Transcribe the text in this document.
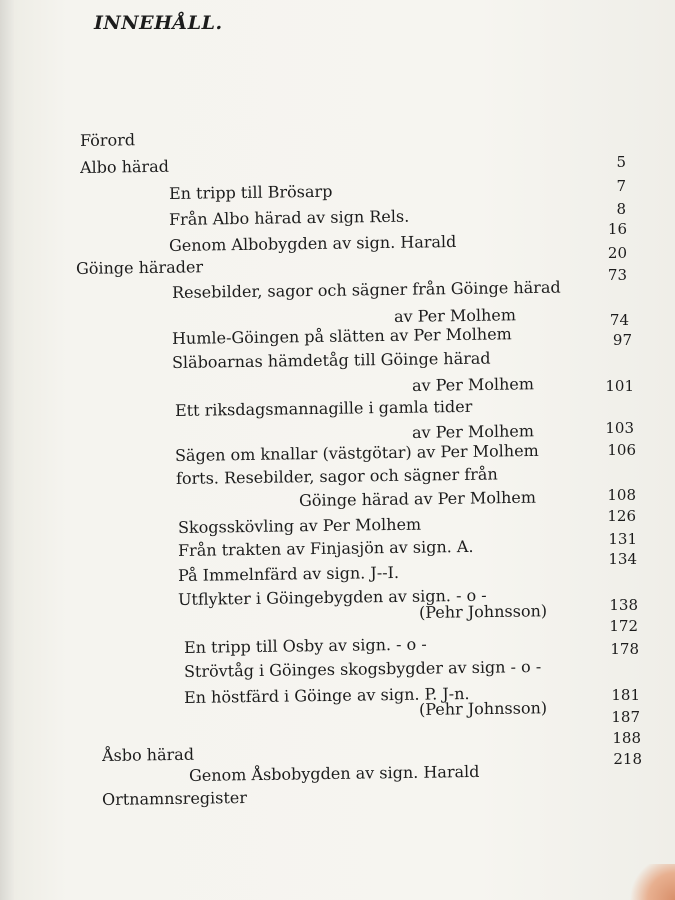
INNEHÅLL.
Förord
Albo härad
En tripp till Brösarp
Från Albo härad av sign Rels.
Genom Albobygden av sign. Harald
Göinge härader
Resebilder, sagor och sägner från Göinge härad
av Per Molhem
Humle-Göingen på slätten av Per Molhem
Släboarnas hämdetåg till Göinge härad
av Per Molhem
Ett riksdagsmannagille i gamla tider
av Per Molhem
Sägen om knallar (västgötar) av Per Molhem
forts. Resebilder, sagor och sägner från
Göinge härad av Per Molhem
Skogsskövling av Per Molhem
Från trakten av Finjasjön av sign. A.
På Immelnfärd av sign. J--I.
Utflykter i Göingebygden av sign. - o -
(Pehr Johnsson)
En tripp till Osby av sign. - o -
Strövtåg i Göinges skogsbygder av sign - o -
En höstfärd i Göinge av sign. P. J-n.
(Pehr Johnsson)
Åsbo härad
Genom Åsbobygden av sign. Harald
Ortnamnsregister
5
7
8
16
20
73
74
97
101
103
106
108
126
131
134
138
172
178
181
187
188
218
